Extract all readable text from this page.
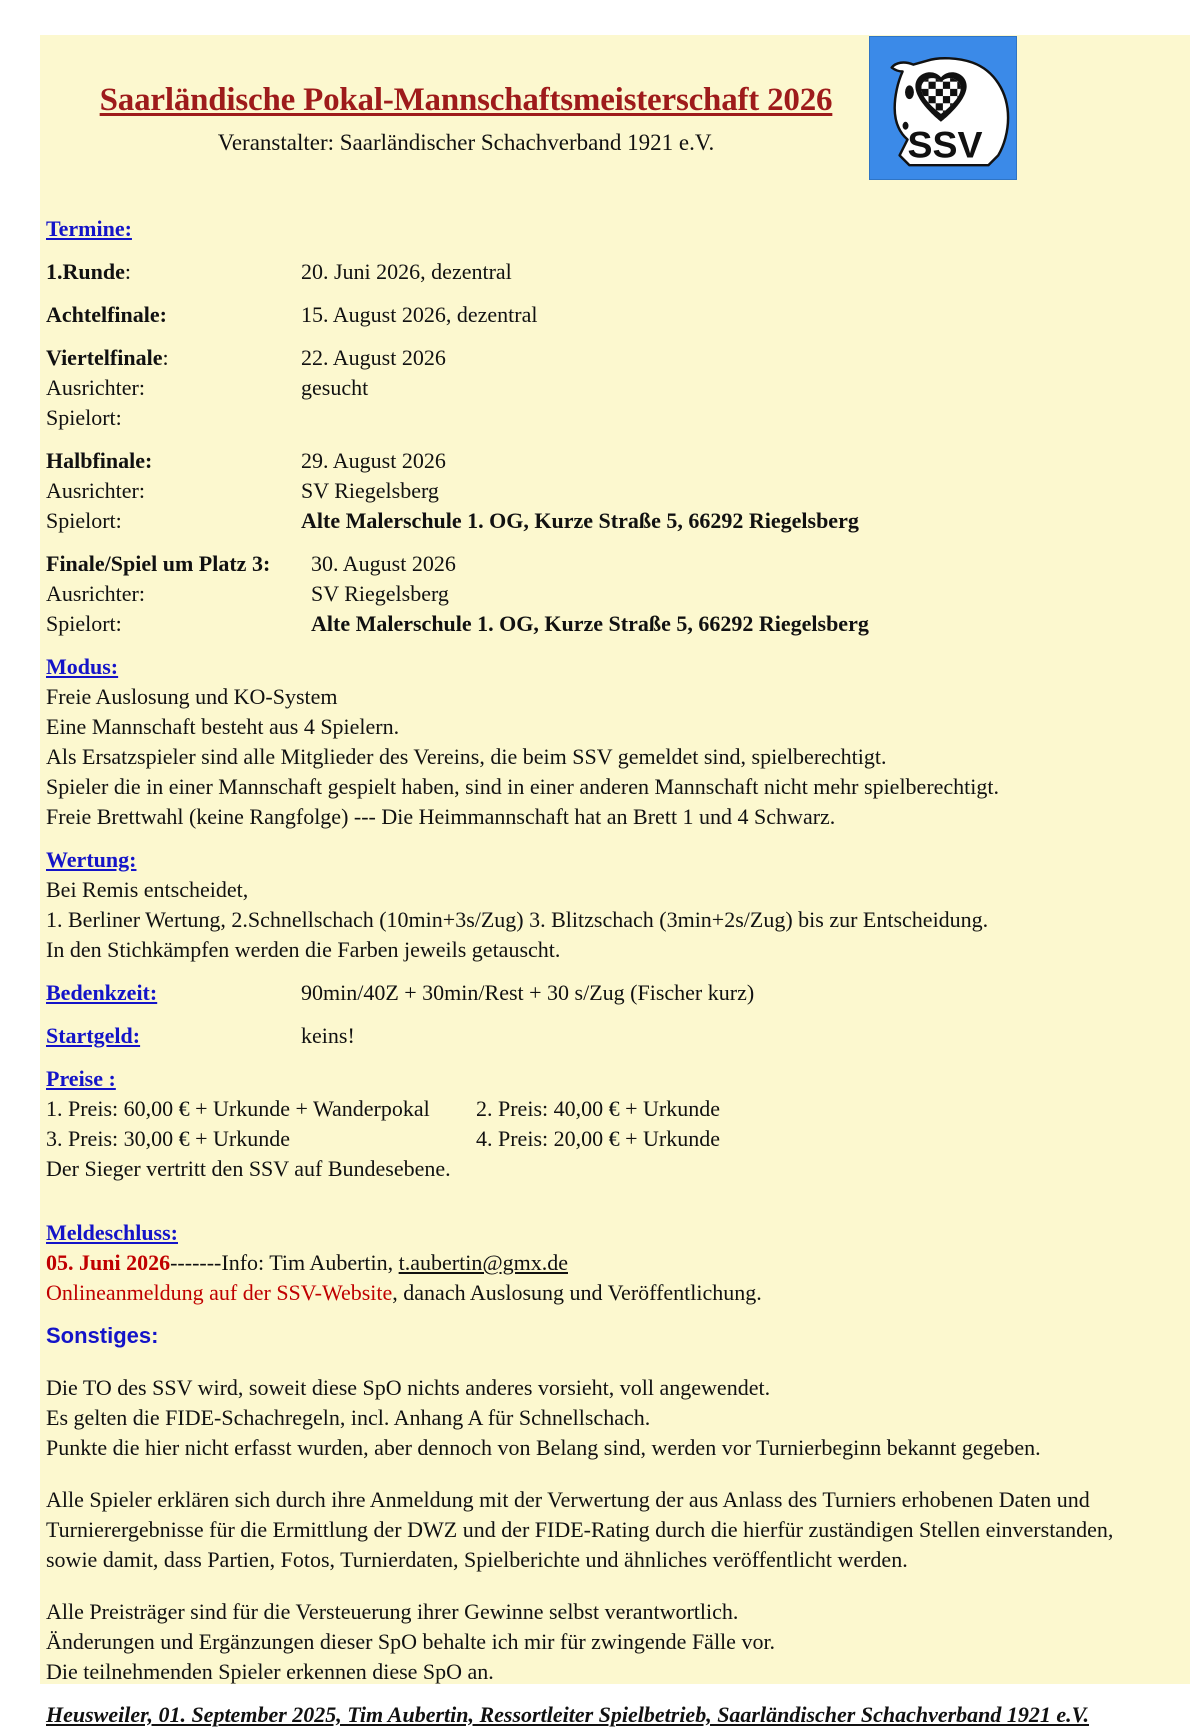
Saarländische Pokal-Mannschaftsmeisterschaft 2026
Veranstalter: Saarländischer Schachverband 1921 e.V.	SSV
Termine:
1.Runde:	20. Juni 2026, dezentral
Achtelfinale:	15. August 2026, dezentral
Viertelfinale:	22. August 2026
Ausrichter:	gesucht
Spielort:
Halbfinale:	29. August 2026
Ausrichter:	SV Riegelsberg
Spielort:	Alte Malerschule 1. OG, Kurze Straße 5, 66292 Riegelsberg
Finale/Spiel um Platz 3:	30. August 2026
Ausrichter:	SV Riegelsberg
Spielort:	Alte Malerschule 1. OG, Kurze Straße 5, 66292 Riegelsberg
Modus:
Freie Auslosung und KO-System
Eine Mannschaft besteht aus 4 Spielern.
Als Ersatzspieler sind alle Mitglieder des Vereins, die beim SSV gemeldet sind, spielberechtigt.
Spieler die in einer Mannschaft gespielt haben, sind in einer anderen Mannschaft nicht mehr spielberechtigt.
Freie Brettwahl (keine Rangfolge) --- Die Heimmannschaft hat an Brett 1 und 4 Schwarz.
Wertung:
Bei Remis entscheidet,
1. Berliner Wertung, 2.Schnellschach (10min+3s/Zug) 3. Blitzschach (3min+2s/Zug) bis zur Entscheidung.
In den Stichkämpfen werden die Farben jeweils getauscht.
Bedenkzeit:	90min/40Z + 30min/Rest + 30 s/Zug (Fischer kurz)
Startgeld:	keins!
Preise :
1. Preis: 60,00 € + Urkunde + Wanderpokal	2. Preis: 40,00 € + Urkunde
3. Preis: 30,00 € + Urkunde	4. Preis: 20,00 € + Urkunde
Der Sieger vertritt den SSV auf Bundesebene.
Meldeschluss:
05. Juni 2026-------Info: Tim Aubertin, t.aubertin@gmx.de
Onlineanmeldung auf der SSV-Website, danach Auslosung und Veröffentlichung.
Sonstiges:
Die TO des SSV wird, soweit diese SpO nichts anderes vorsieht, voll angewendet.
Es gelten die FIDE-Schachregeln, incl. Anhang A für Schnellschach.
Punkte die hier nicht erfasst wurden, aber dennoch von Belang sind, werden vor Turnierbeginn bekannt gegeben.
Alle Spieler erklären sich durch ihre Anmeldung mit der Verwertung der aus Anlass des Turniers erhobenen Daten und
Turnierergebnisse für die Ermittlung der DWZ und der FIDE-Rating durch die hierfür zuständigen Stellen einverstanden,
sowie damit, dass Partien, Fotos, Turnierdaten, Spielberichte und ähnliches veröffentlicht werden.
Alle Preisträger sind für die Versteuerung ihrer Gewinne selbst verantwortlich.
Änderungen und Ergänzungen dieser SpO behalte ich mir für zwingende Fälle vor.
Die teilnehmenden Spieler erkennen diese SpO an.
Heusweiler, 01. September 2025, Tim Aubertin, Ressortleiter Spielbetrieb, Saarländischer Schachverband 1921 e.V.
